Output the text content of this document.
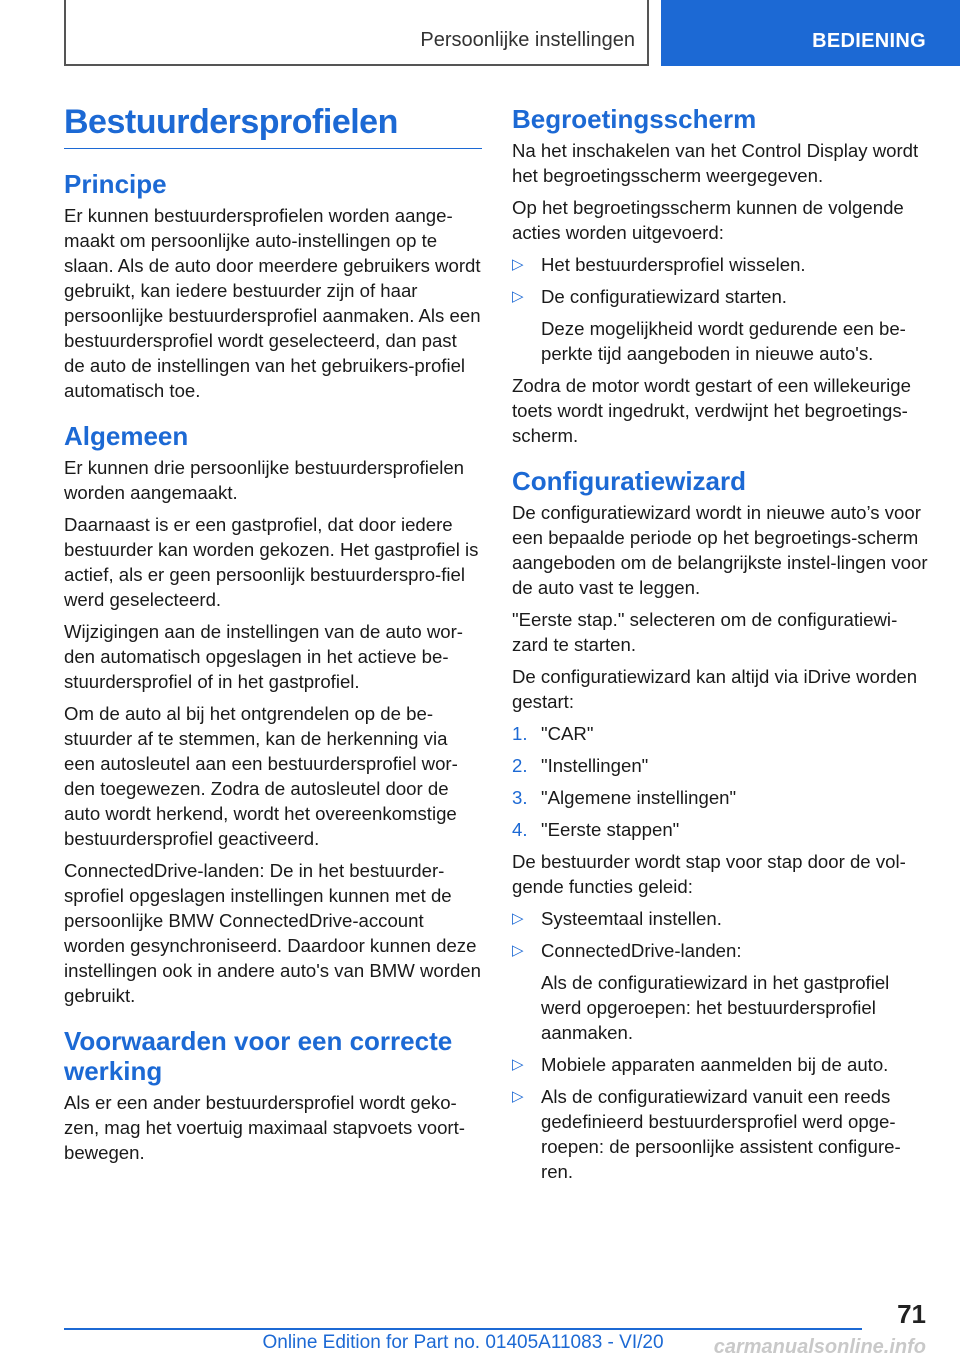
Persoonlijke instellingen	BEDIENING
Bestuurdersprofielen
Principe

Er kunnen bestuurdersprofielen worden aange-maakt om persoonlijke auto-instellingen op te slaan. Als de auto door meerdere gebruikers wordt gebruikt, kan iedere bestuurder zijn of haar persoonlijke bestuurdersprofiel aanmaken. Als een bestuurdersprofiel wordt geselecteerd, dan past de auto de instellingen van het gebruikers-profiel automatisch toe.

Algemeen

Er kunnen drie persoonlijke bestuurdersprofielen worden aangemaakt.

Daarnaast is er een gastprofiel, dat door iedere bestuurder kan worden gekozen. Het gastprofiel is actief, als er geen persoonlijk bestuurderspro-fiel werd geselecteerd.

Wijzigingen aan de instellingen van de auto wor-den automatisch opgeslagen in het actieve be-stuurdersprofiel of in het gastprofiel.

Om de auto al bij het ontgrendelen op de be-stuurder af te stemmen, kan de herkenning via een autosleutel aan een bestuurdersprofiel wor-den toegewezen. Zodra de autosleutel door de auto wordt herkend, wordt het overeenkomstige bestuurdersprofiel geactiveerd.

ConnectedDrive-landen: De in het bestuurder-sprofiel opgeslagen instellingen kunnen met de persoonlijke BMW ConnectedDrive-account worden gesynchroniseerd. Daardoor kunnen deze instellingen ook in andere auto's van BMW worden gebruikt.

Voorwaarden voor een correcte werking

Als er een ander bestuurdersprofiel wordt geko-zen, mag het voertuig maximaal stapvoets voort-bewegen.

Begroetingsscherm

Na het inschakelen van het Control Display wordt het begroetingsscherm weergegeven.

Op het begroetingsscherm kunnen de volgende acties worden uitgevoerd:

▷ Het bestuurdersprofiel wisselen.
▷ De configuratiewizard starten.
Deze mogelijkheid wordt gedurende een be-perkte tijd aangeboden in nieuwe auto's.

Zodra de motor wordt gestart of een willekeurige toets wordt ingedrukt, verdwijnt het begroetings-scherm.

Configuratiewizard

De configuratiewizard wordt in nieuwe auto’s voor een bepaalde periode op het begroetings-scherm aangeboden om de belangrijkste instel-lingen voor de auto vast te leggen.

"Eerste stap." selecteren om de configuratiewi-zard te starten.

De configuratiewizard kan altijd via iDrive worden gestart:

1. "CAR"
2. "Instellingen"
3. "Algemene instellingen"
4. "Eerste stappen"

De bestuurder wordt stap voor stap door de vol-gende functies geleid:

▷ Systeemtaal instellen.
▷ ConnectedDrive-landen:
Als de configuratiewizard in het gastprofiel werd opgeroepen: het bestuurdersprofiel aanmaken.
▷ Mobiele apparaten aanmelden bij de auto.
▷ Als de configuratiewizard vanuit een reeds gedefinieerd bestuurdersprofiel werd opge-roepen: de persoonlijke assistent configure-ren.
71
Online Edition for Part no. 01405A11083 - VI/20	carmanualsonline.info
